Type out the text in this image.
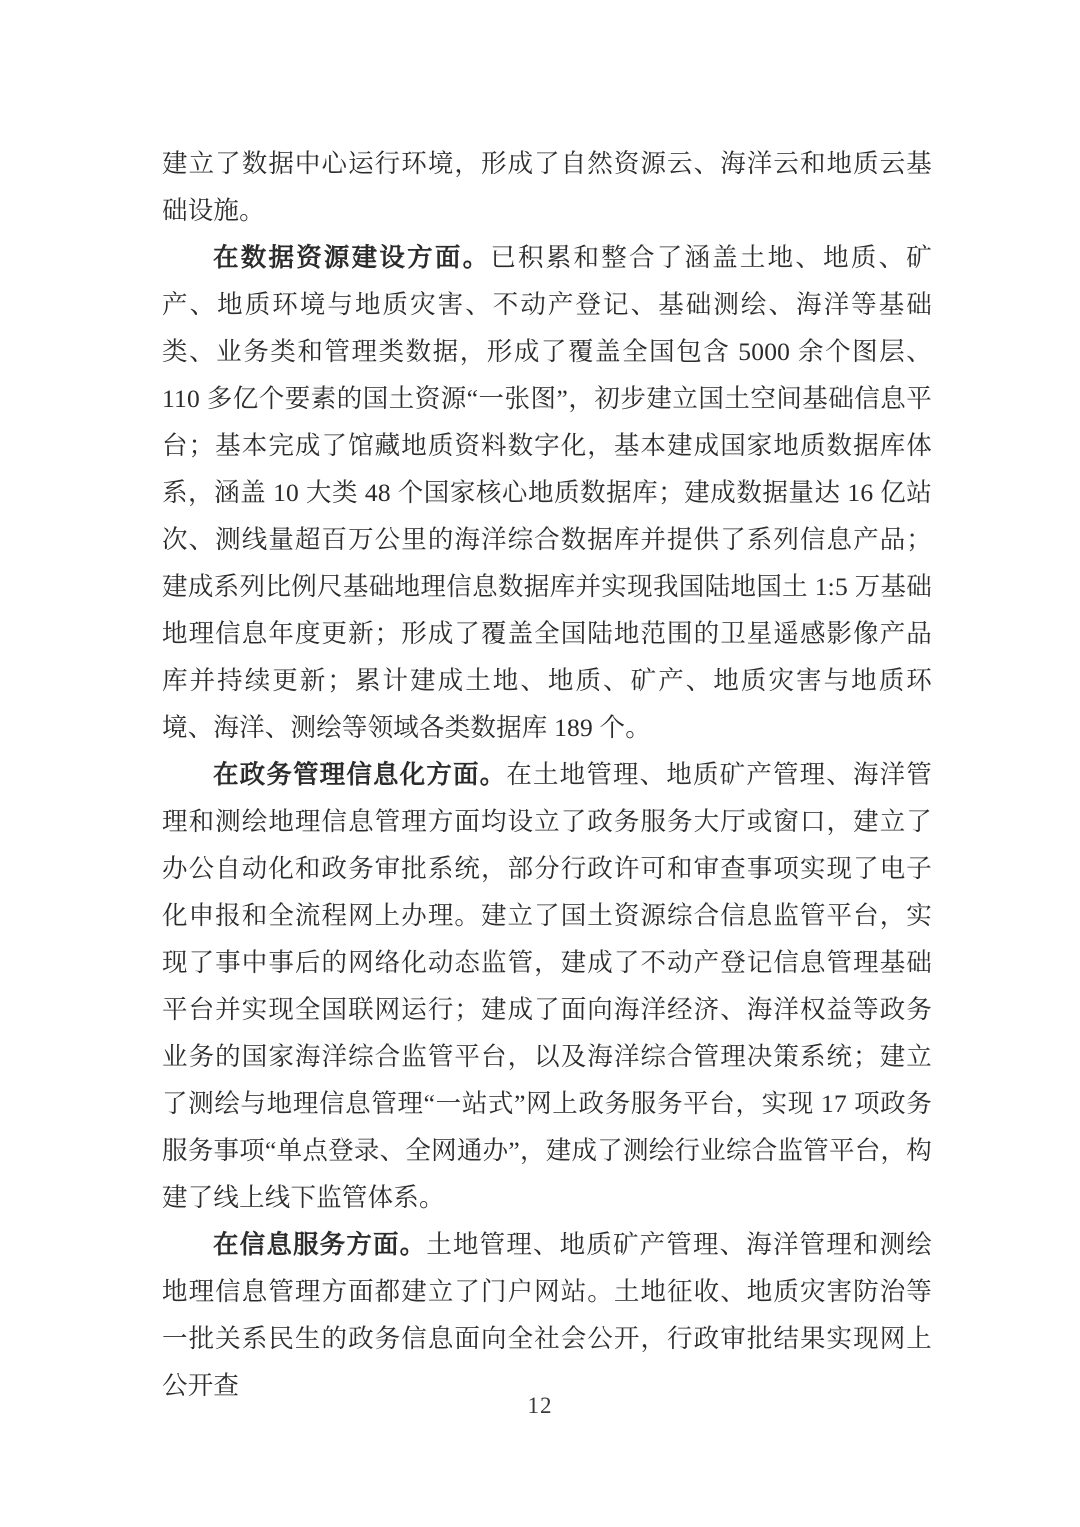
建立了数据中心运行环境，形成了自然资源云、海洋云和地质云基础设施。

在数据资源建设方面。已积累和整合了涵盖土地、地质、矿产、地质环境与地质灾害、不动产登记、基础测绘、海洋等基础类、业务类和管理类数据，形成了覆盖全国包含 5000 余个图层、110 多亿个要素的国土资源“一张图”，初步建立国土空间基础信息平台；基本完成了馆藏地质资料数字化，基本建成国家地质数据库体系，涵盖 10 大类 48 个国家核心地质数据库；建成数据量达 16 亿站次、测线量超百万公里的海洋综合数据库并提供了系列信息产品；建成系列比例尺基础地理信息数据库并实现我国陆地国土 1:5 万基础地理信息年度更新；形成了覆盖全国陆地范围的卫星遥感影像产品库并持续更新；累计建成土地、地质、矿产、地质灾害与地质环境、海洋、测绘等领域各类数据库 189 个。

在政务管理信息化方面。在土地管理、地质矿产管理、海洋管理和测绘地理信息管理方面均设立了政务服务大厅或窗口，建立了办公自动化和政务审批系统，部分行政许可和审查事项实现了电子化申报和全流程网上办理。建立了国土资源综合信息监管平台，实现了事中事后的网络化动态监管，建成了不动产登记信息管理基础平台并实现全国联网运行；建成了面向海洋经济、海洋权益等政务业务的国家海洋综合监管平台，以及海洋综合管理决策系统；建立了测绘与地理信息管理“一站式”网上政务服务平台，实现 17 项政务服务事项“单点登录、全网通办”，建成了测绘行业综合监管平台，构建了线上线下监管体系。

在信息服务方面。土地管理、地质矿产管理、海洋管理和测绘地理信息管理方面都建立了门户网站。土地征收、地质灾害防治等一批关系民生的政务信息面向全社会公开，行政审批结果实现网上公开查

12
